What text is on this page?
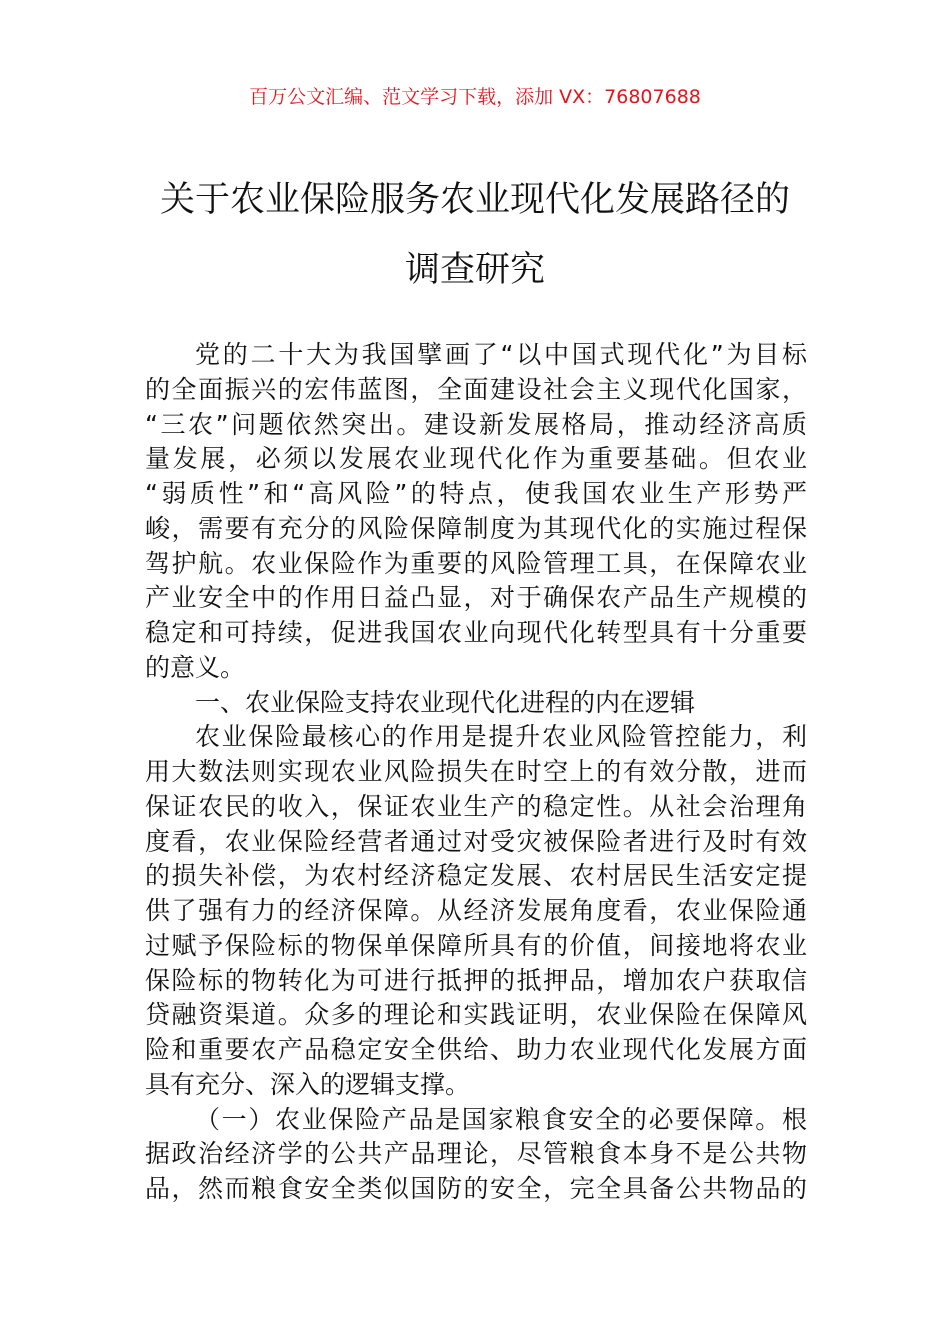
百万公文汇编、范文学习下载，添加 VX：76807688
关于农业保险服务农业现代化发展路径的
调查研究
党的二十大为我国擘画了“以中国式现代化”为目标
的全面振兴的宏伟蓝图，全面建设社会主义现代化国家，
“三农”问题依然突出。建设新发展格局，推动经济高质
量发展，必须以发展农业现代化作为重要基础。但农业
“弱质性”和“高风险”的特点，使我国农业生产形势严
峻，需要有充分的风险保障制度为其现代化的实施过程保
驾护航。农业保险作为重要的风险管理工具，在保障农业
产业安全中的作用日益凸显，对于确保农产品生产规模的
稳定和可持续，促进我国农业向现代化转型具有十分重要
的意义。
一、农业保险支持农业现代化进程的内在逻辑
农业保险最核心的作用是提升农业风险管控能力，利
用大数法则实现农业风险损失在时空上的有效分散，进而
保证农民的收入，保证农业生产的稳定性。从社会治理角
度看，农业保险经营者通过对受灾被保险者进行及时有效
的损失补偿，为农村经济稳定发展、农村居民生活安定提
供了强有力的经济保障。从经济发展角度看，农业保险通
过赋予保险标的物保单保障所具有的价值，间接地将农业
保险标的物转化为可进行抵押的抵押品，增加农户获取信
贷融资渠道。众多的理论和实践证明，农业保险在保障风
险和重要农产品稳定安全供给、助力农业现代化发展方面
具有充分、深入的逻辑支撑。
（一）农业保险产品是国家粮食安全的必要保障。根
据政治经济学的公共产品理论，尽管粮食本身不是公共物
品，然而粮食安全类似国防的安全，完全具备公共物品的
